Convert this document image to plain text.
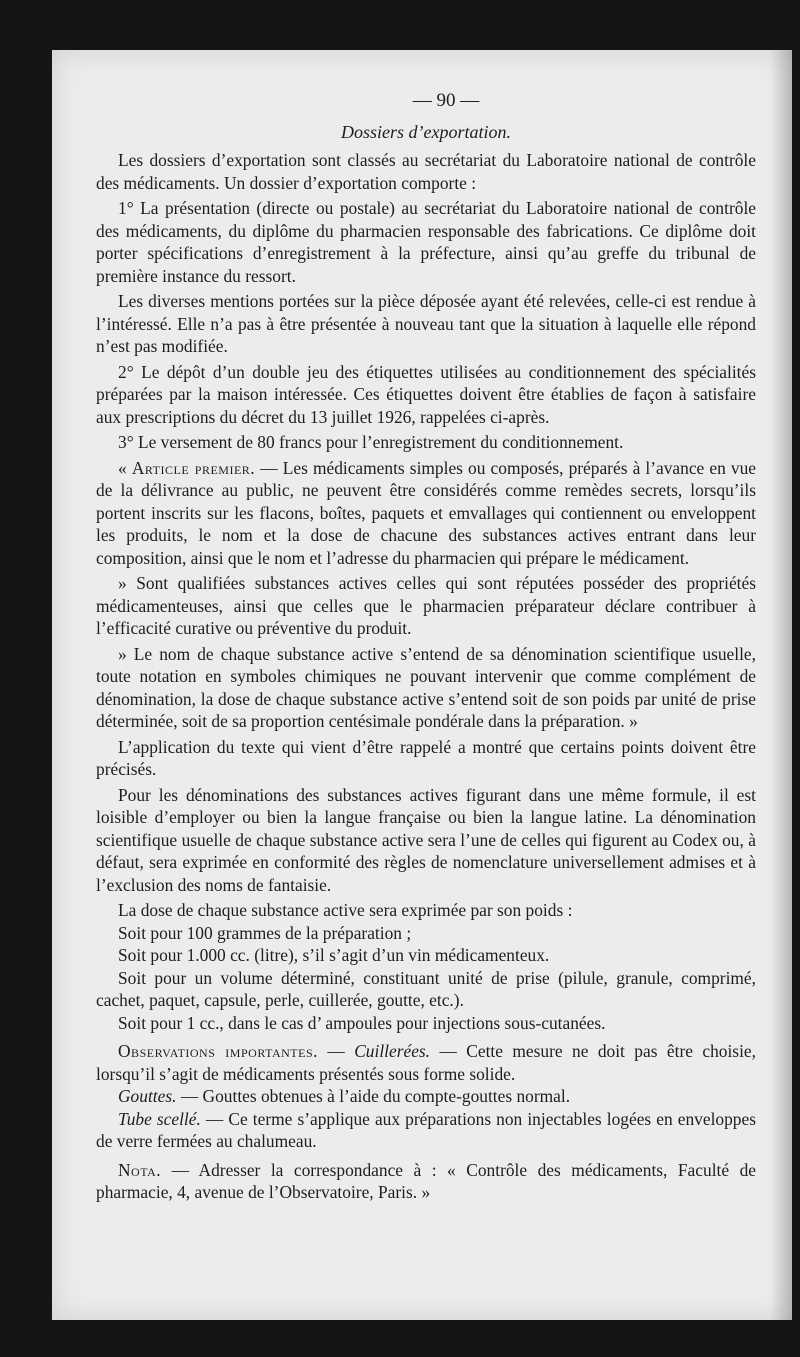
— 90 —
Dossiers d’exportation.

Les dossiers d’exportation sont classés au secrétariat du Laboratoire national de contrôle des médicaments. Un dossier d’exportation comporte :

1° La présentation (directe ou postale) au secrétariat du Laboratoire national de contrôle des médicaments, du diplôme du pharmacien responsable des fabrications. Ce diplôme doit porter spécifications d’enregistrement à la préfecture, ainsi qu’au greffe du tribunal de première instance du ressort.

Les diverses mentions portées sur la pièce déposée ayant été relevées, celle-ci est rendue à l’intéressé. Elle n’a pas à être présentée à nouveau tant que la situation à laquelle elle répond n’est pas modifiée.

2° Le dépôt d’un double jeu des étiquettes utilisées au conditionnement des spécialités préparées par la maison intéressée. Ces étiquettes doivent être établies de façon à satisfaire aux prescriptions du décret du 13 juillet 1926, rappelées ci-après.

3° Le versement de 80 francs pour l’enregistrement du conditionnement.

« Article premier. — Les médicaments simples ou composés, préparés à l’avance en vue de la délivrance au public, ne peuvent être considérés comme remèdes secrets, lorsqu’ils portent inscrits sur les flacons, boîtes, paquets et emvallages qui contiennent ou enveloppent les produits, le nom et la dose de chacune des substances actives entrant dans leur composition, ainsi que le nom et l’adresse du pharmacien qui prépare le médicament.

» Sont qualifiées substances actives celles qui sont réputées posséder des propriétés médicamenteuses, ainsi que celles que le pharmacien préparateur déclare contribuer à l’efficacité curative ou préventive du produit.

» Le nom de chaque substance active s’entend de sa dénomination scientifique usuelle, toute notation en symboles chimiques ne pouvant intervenir que comme complément de dénomination, la dose de chaque substance active s’entend soit de son poids par unité de prise déterminée, soit de sa proportion centésimale pondérale dans la préparation. »

L’application du texte qui vient d’être rappelé a montré que certains points doivent être précisés.

Pour les dénominations des substances actives figurant dans une même formule, il est loisible d’employer ou bien la langue française ou bien la langue latine. La dénomination scientifique usuelle de chaque substance active sera l’une de celles qui figurent au Codex ou, à défaut, sera exprimée en conformité des règles de nomenclature universellement admises et à l’exclusion des noms de fantaisie.

La dose de chaque substance active sera exprimée par son poids :

Soit pour 100 grammes de la préparation ;

Soit pour 1.000 cc. (litre), s’il s’agit d’un vin médicamenteux.

Soit pour un volume déterminé, constituant unité de prise (pilule, granule, comprimé, cachet, paquet, capsule, perle, cuillerée, goutte, etc.).

Soit pour 1 cc., dans le cas d’ ampoules pour injections sous-cutanées.

Observations importantes. — Cuillerées. — Cette mesure ne doit pas être choisie, lorsqu’il s’agit de médicaments présentés sous forme solide.

Gouttes. — Gouttes obtenues à l’aide du compte-gouttes normal.

Tube scellé. — Ce terme s’applique aux préparations non injectables logées en enveloppes de verre fermées au chalumeau.

Nota. — Adresser la correspondance à : « Contrôle des médicaments, Faculté de pharmacie, 4, avenue de l’Observatoire, Paris. »
